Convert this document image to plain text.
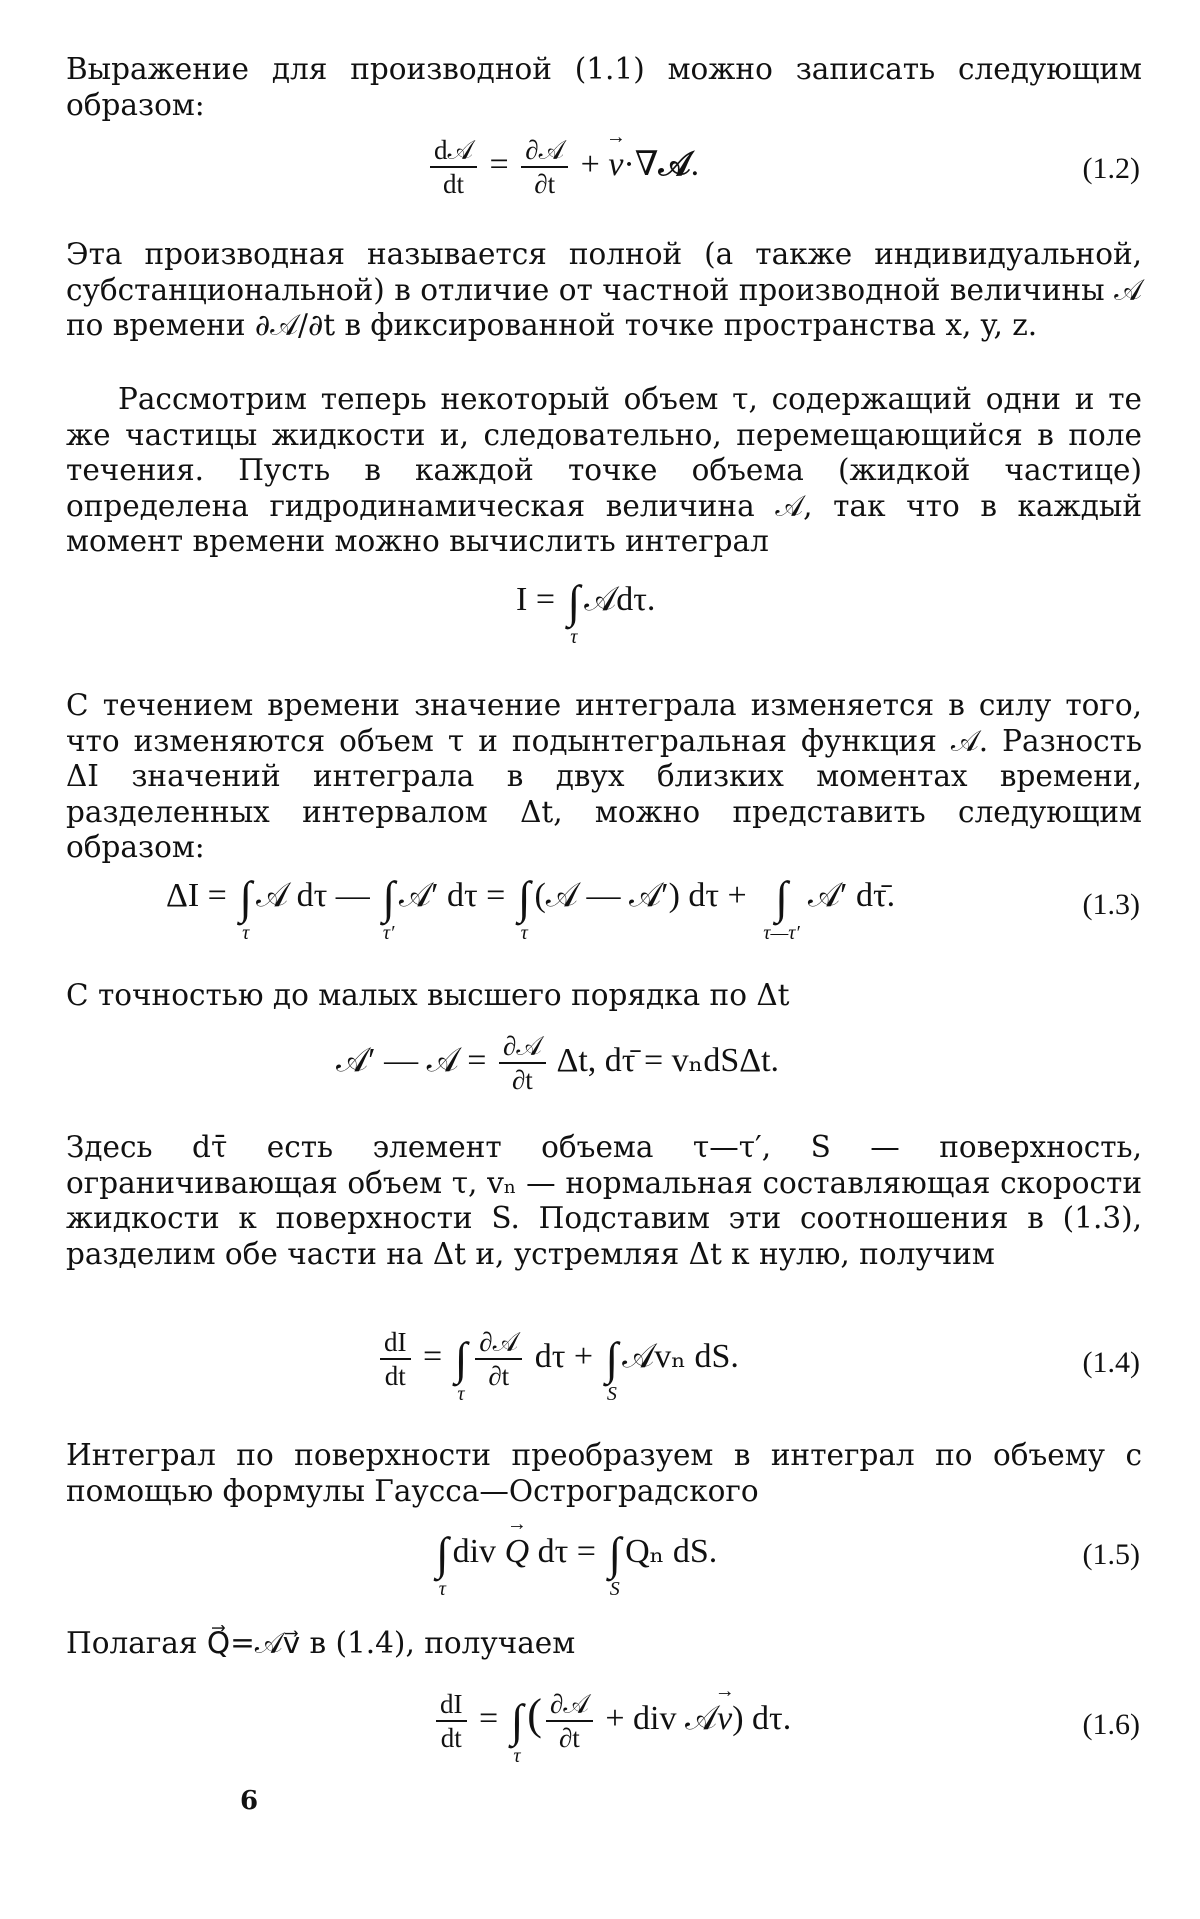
Выражение для производной (1.1) можно записать следующим образом:
$\frac{\text{d𝒜}}{dt} = \frac{\text{∂𝒜}}{\partial t}$ + → v·∇𝒜.	(1.2)
Эта производная называется полной (а также индивидуальной, субстанциональной) в отличие от частной производной величины 𝒜 по времени ∂𝒜/∂t в фиксированной точке пространства x, y, z.
Рассмотрим теперь некоторый объем τ, содержащий одни и те же частицы жидкости и, следовательно, перемещающийся в поле течения. Пусть в каждой точке объема (жидкой частице) определена гидродинамическая величина 𝒜, так что в каждый момент времени можно вычислить интеграл
I = ∫
τ
𝒜dτ.
С течением времени значение интеграла изменяется в силу того, что изменяются объем τ и подынтегральная функция 𝒜. Разность ΔI значений интеграла в двух близких моментах времени, разделенных интервалом Δt, можно представить следующим образом:
ΔI = ∫
τ
𝒜 dτ — ∫
τ′
𝒜′ dτ = ∫
τ
(𝒜 — 𝒜′) dτ + ∫
τ—τ′
𝒜′ dτ̄.	(1.3)
С точностью до малых высшего порядка по Δt
𝒜′ — 𝒜 = $\frac{\text{∂𝒜}}{\partial t} \Delta t$, dτ̄ = vₙdSΔt.
Здесь dτ̄ есть элемент объема τ—τ′, S — поверхность, ограничивающая объем τ, vₙ — нормальная составляющая скорости жидкости к поверхности S. Подставим эти соотношения в (1.3), разделим обе части на Δt и, устремляя Δt к нулю, получим
$\frac{dI}{dt}$ = ∫
τ
$\frac{\text{∂𝒜}}{\partial t}$ dτ + ∫
S
𝒜vₙ dS.	(1.4)
Интеграл по поверхности преобразуем в интеграл по объему с помощью формулы Гаусса—Остроградского
∫
τ
div → Q dτ = ∫
S
Qₙ dS.	(1.5)
Полагая Q⃗=𝒜v⃗ в (1.4), получаем
$\frac{dI}{dt}$ = ∫
τ
( $\frac{\text{∂𝒜}}{\partial t}$ + div 𝒜→ v) dτ.	(1.6)
6
